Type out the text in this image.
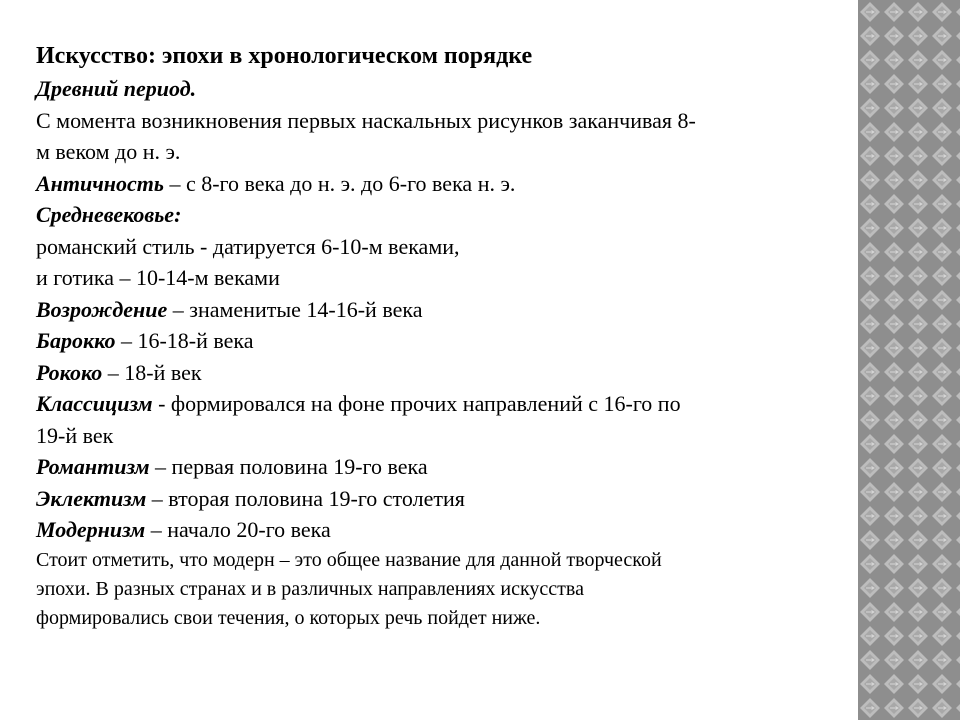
Искусство: эпохи в хронологическом порядке
Древний период.
С момента возникновения первых наскальных рисунков заканчивая 8-
м веком до н. э.
Античность – с 8-го века до н. э. до 6-го века н. э.
Средневековье:
романский стиль - датируется 6-10-м веками,
и готика – 10-14-м веками
Возрождение – знаменитые 14-16-й века
Барокко – 16-18-й века
Рококо – 18-й век
Классицизм - формировался на фоне прочих направлений с 16-го по
19-й век
Романтизм – первая половина 19-го века
Эклектизм – вторая половина 19-го столетия
Модернизм – начало 20-го века
Стоит отметить, что модерн – это общее название для данной творческой
эпохи. В разных странах и в различных направлениях искусства
формировались свои течения, о которых речь пойдет ниже.
